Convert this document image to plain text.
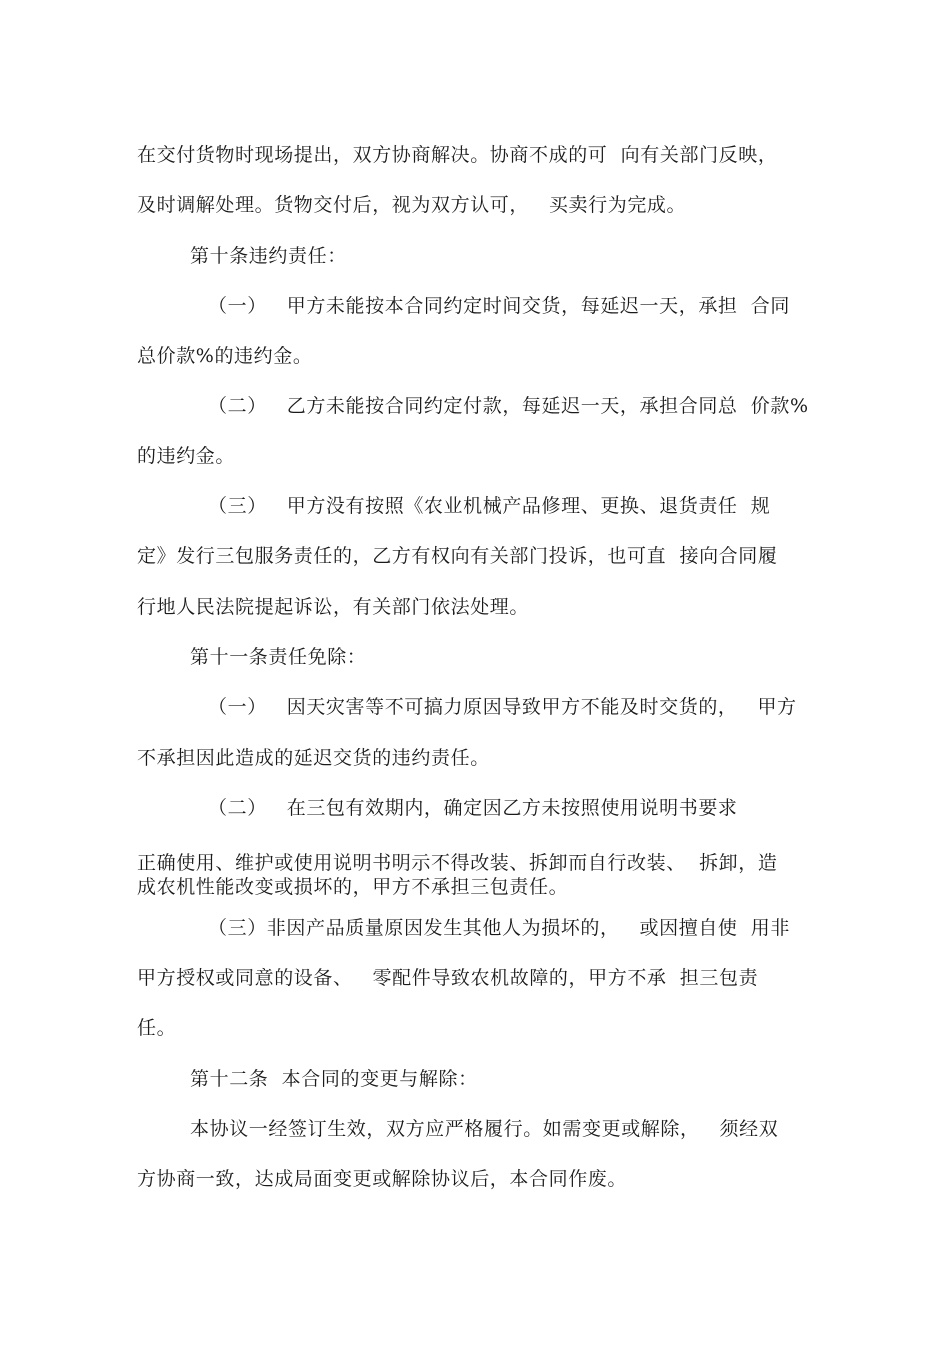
在交付货物时现场提出，双方协商解决。协商不成的可  向有关部门反映，
及时调解处理。货物交付后，视为双方认可，   买卖行为完成。
第十条违约责任：
（一）   甲方未能按本合同约定时间交货，每延迟一天，承担  合同
总价款%的违约金。
（二）   乙方未能按合同约定付款，每延迟一天，承担合同总  价款%
的违约金。
（三）   甲方没有按照《农业机械产品修理、更换、退货责任  规
定》发行三包服务责任的，乙方有权向有关部门投诉，也可直  接向合同履
行地人民法院提起诉讼，有关部门依法处理。
第十一条责任免除：
（一）   因天灾害等不可搞力原因导致甲方不能及时交货的，   甲方
不承担因此造成的延迟交货的违约责任。
（二）   在三包有效期内，确定因乙方未按照使用说明书要求
正确使用、维护或使用说明书明示不得改装、拆卸而自行改装、  拆卸，造
成农机性能改变或损坏的，甲方不承担三包责任。
（三）非因产品质量原因发生其他人为损坏的，   或因擅自使  用非
甲方授权或同意的设备、   零配件导致农机故障的，甲方不承  担三包责
任。
第十二条  本合同的变更与解除：
本协议一经签订生效，双方应严格履行。如需变更或解除，   须经双
方协商一致，达成局面变更或解除协议后，本合同作废。
